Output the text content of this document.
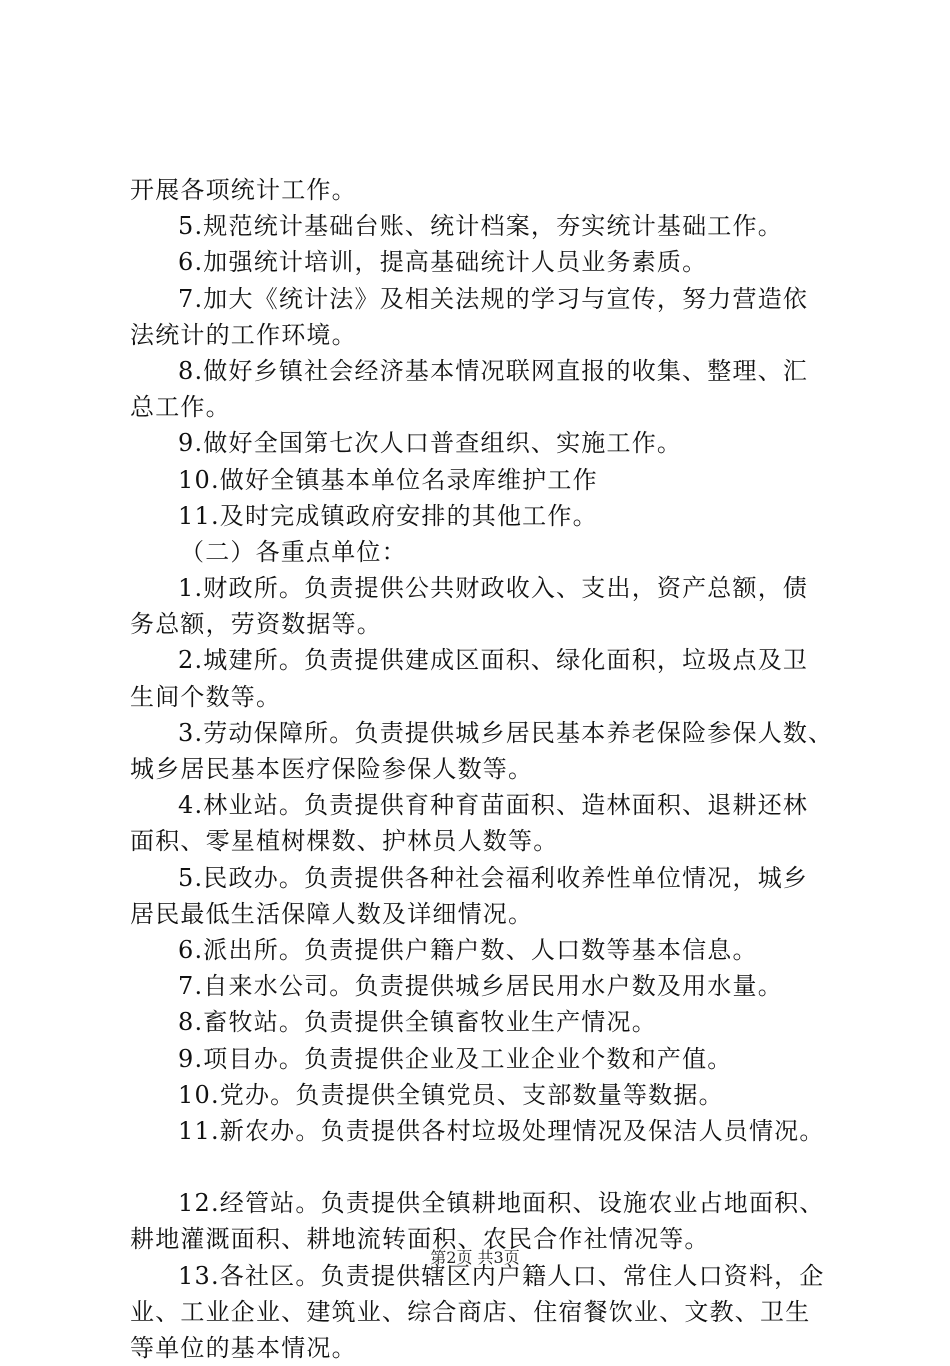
开展各项统计工作。
5.规范统计基础台账、统计档案，夯实统计基础工作。
6.加强统计培训，提高基础统计人员业务素质。
7.加大《统计法》及相关法规的学习与宣传，努力营造依
法统计的工作环境。
8.做好乡镇社会经济基本情况联网直报的收集、整理、汇
总工作。
9.做好全国第七次人口普查组织、实施工作。
10.做好全镇基本单位名录库维护工作
11.及时完成镇政府安排的其他工作。
（二）各重点单位：
1.财政所。负责提供公共财政收入、支出，资产总额，债
务总额，劳资数据等。
2.城建所。负责提供建成区面积、绿化面积，垃圾点及卫
生间个数等。
3.劳动保障所。负责提供城乡居民基本养老保险参保人数、
城乡居民基本医疗保险参保人数等。
4.林业站。负责提供育种育苗面积、造林面积、退耕还林
面积、零星植树棵数、护林员人数等。
5.民政办。负责提供各种社会福利收养性单位情况，城乡
居民最低生活保障人数及详细情况。
6.派出所。负责提供户籍户数、人口数等基本信息。
7.自来水公司。负责提供城乡居民用水户数及用水量。
8.畜牧站。负责提供全镇畜牧业生产情况。
9.项目办。负责提供企业及工业企业个数和产值。
10.党办。负责提供全镇党员、支部数量等数据。
11.新农办。负责提供各村垃圾处理情况及保洁人员情况。
12.经管站。负责提供全镇耕地面积、设施农业占地面积、
耕地灌溉面积、耕地流转面积、农民合作社情况等。
13.各社区。负责提供辖区内户籍人口、常住人口资料，企
业、工业企业、建筑业、综合商店、住宿餐饮业、文教、卫生
等单位的基本情况。
第2页 共3页
